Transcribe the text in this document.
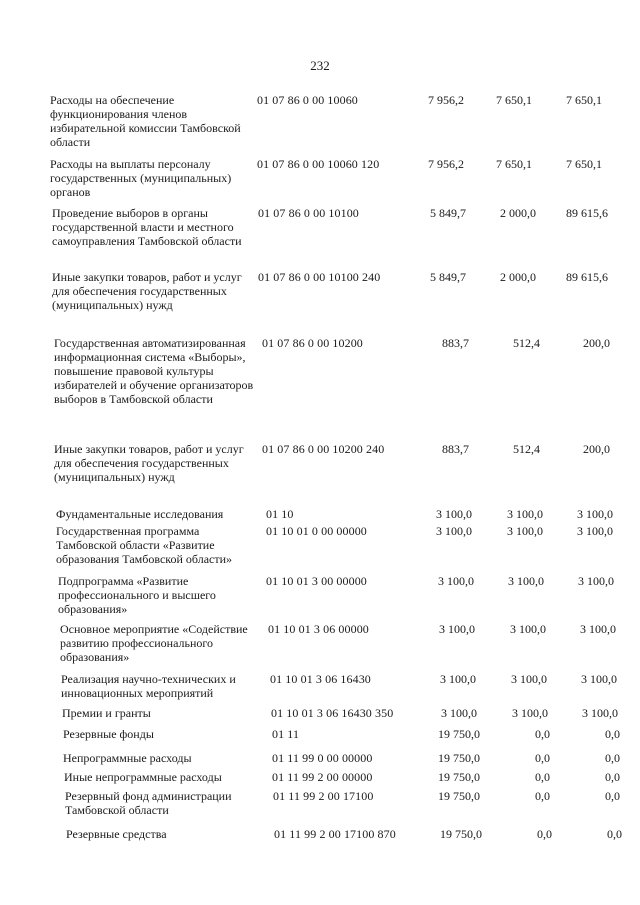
232
Расходы на обеспечение функционирования членов избирательной комиссии Тамбовской области
01 07 86 0 00 10060	7 956,2	7 650,1	7 650,1
Расходы на выплаты персоналу государственных (муниципальных) органов
01 07 86 0 00 10060 120	7 956,2	7 650,1	7 650,1
Проведение выборов в органы государственной власти и местного самоуправления Тамбовской области
01 07 86 0 00 10100	5 849,7	2 000,0	89 615,6
Иные закупки товаров, работ и услуг для обеспечения государственных (муниципальных) нужд
01 07 86 0 00 10100 240	5 849,7	2 000,0	89 615,6
Государственная автоматизированная информационная система «Выборы», повышение правовой культуры избирателей и обучение организаторов выборов в Тамбовской области
01 07 86 0 00 10200	883,7	512,4	200,0
Иные закупки товаров, работ и услуг для обеспечения государственных (муниципальных) нужд
01 07 86 0 00 10200 240	883,7	512,4	200,0
Фундаментальные исследования	01 10	3 100,0	3 100,0	3 100,0
Государственная программа Тамбовской области «Развитие образования Тамбовской области»
01 10 01 0 00 00000	3 100,0	3 100,0	3 100,0
Подпрограмма «Развитие профессионального и высшего образования»
01 10 01 3 00 00000	3 100,0	3 100,0	3 100,0
Основное мероприятие «Содействие развитию профессионального образования»
01 10 01 3 06 00000	3 100,0	3 100,0	3 100,0
Реализация научно-технических и инновационных мероприятий
01 10 01 3 06 16430	3 100,0	3 100,0	3 100,0
Премии и гранты	01 10 01 3 06 16430 350	3 100,0	3 100,0	3 100,0
Резервные фонды	01 11	19 750,0	0,0	0,0
Непрограммные расходы	01 11 99 0 00 00000	19 750,0	0,0	0,0
Иные непрограммные расходы	01 11 99 2 00 00000	19 750,0	0,0	0,0
Резервный фонд администрации Тамбовской области
01 11 99 2 00 17100	19 750,0	0,0	0,0
Резервные средства	01 11 99 2 00 17100 870	19 750,0	0,0	0,0
